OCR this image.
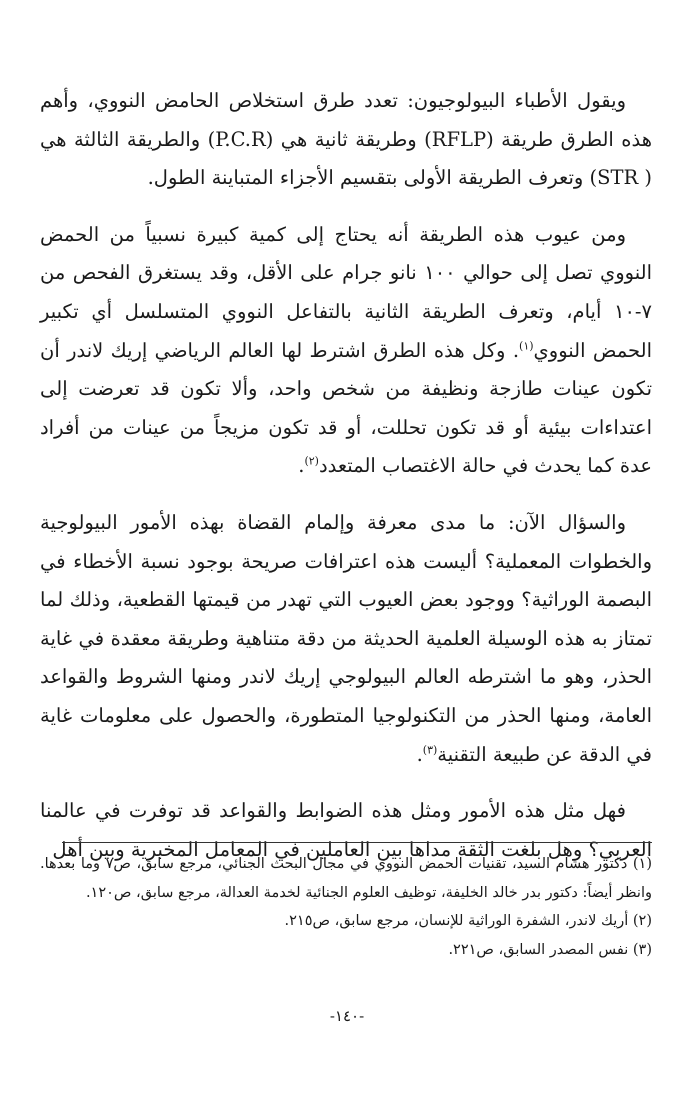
ويقول الأطباء البيولوجيون: تعدد طرق استخلاص الحامض النووي، وأهم هذه الطرق طريقة (RFLP) وطريقة ثانية هي (P.C.R) والطريقة الثالثة هي ( STR) وتعرف الطريقة الأولى بتقسيم الأجزاء المتباينة الطول.

ومن عيوب هذه الطريقة أنه يحتاج إلى كمية كبيرة نسبياً من الحمض النووي تصل إلى حوالي ١٠٠ نانو جرام على الأقل، وقد يستغرق الفحص من ٧-١٠ أيام، وتعرف الطريقة الثانية بالتفاعل النووي المتسلسل أي تكبير الحمض النووي$^{(١)}$. وكل هذه الطرق اشترط لها العالم الرياضي إريك لاندر أن تكون عينات طازجة ونظيفة من شخص واحد، وألا تكون قد تعرضت إلى اعتداءات بيئية أو قد تكون تحللت، أو قد تكون مزيجاً من عينات من أفراد عدة كما يحدث في حالة الاغتصاب المتعدد$^{(٢)}$.

والسؤال الآن: ما مدى معرفة وإلمام القضاة بهذه الأمور البيولوجية والخطوات المعملية؟ أليست هذه اعترافات صريحة بوجود نسبة الأخطاء في البصمة الوراثية؟ ووجود بعض العيوب التي تهدر من قيمتها القطعية، وذلك لما تمتاز به هذه الوسيلة العلمية الحديثة من دقة متناهية وطريقة معقدة في غاية الحذر، وهو ما اشترطه العالم البيولوجي إريك لاندر ومنها الشروط والقواعد العامة، ومنها الحذر من التكنولوجيا المتطورة، والحصول على معلومات غاية في الدقة عن طبيعة التقنية$^{(٣)}$.

فهل مثل هذه الأمور ومثل هذه الضوابط والقواعد قد توفرت في عالمنا العربي؟ وهل بلغت الثقة مداها بين العاملين في المعامل المخبرية وبين أهل

(١) دكتور هشام السيد، تقنيات الحمض النووي في مجال البحث الجنائي، مرجع سابق، ص٧ وما بعدها. وانظر أيضاً: دكتور بدر خالد الخليفة، توظيف العلوم الجنائية لخدمة العدالة، مرجع سابق، ص١٢٠.
(٢) أريك لاندر، الشفرة الوراثية للإنسان، مرجع سابق، ص٢١٥.
(٣) نفس المصدر السابق، ص٢٢١.
-١٤٠-
